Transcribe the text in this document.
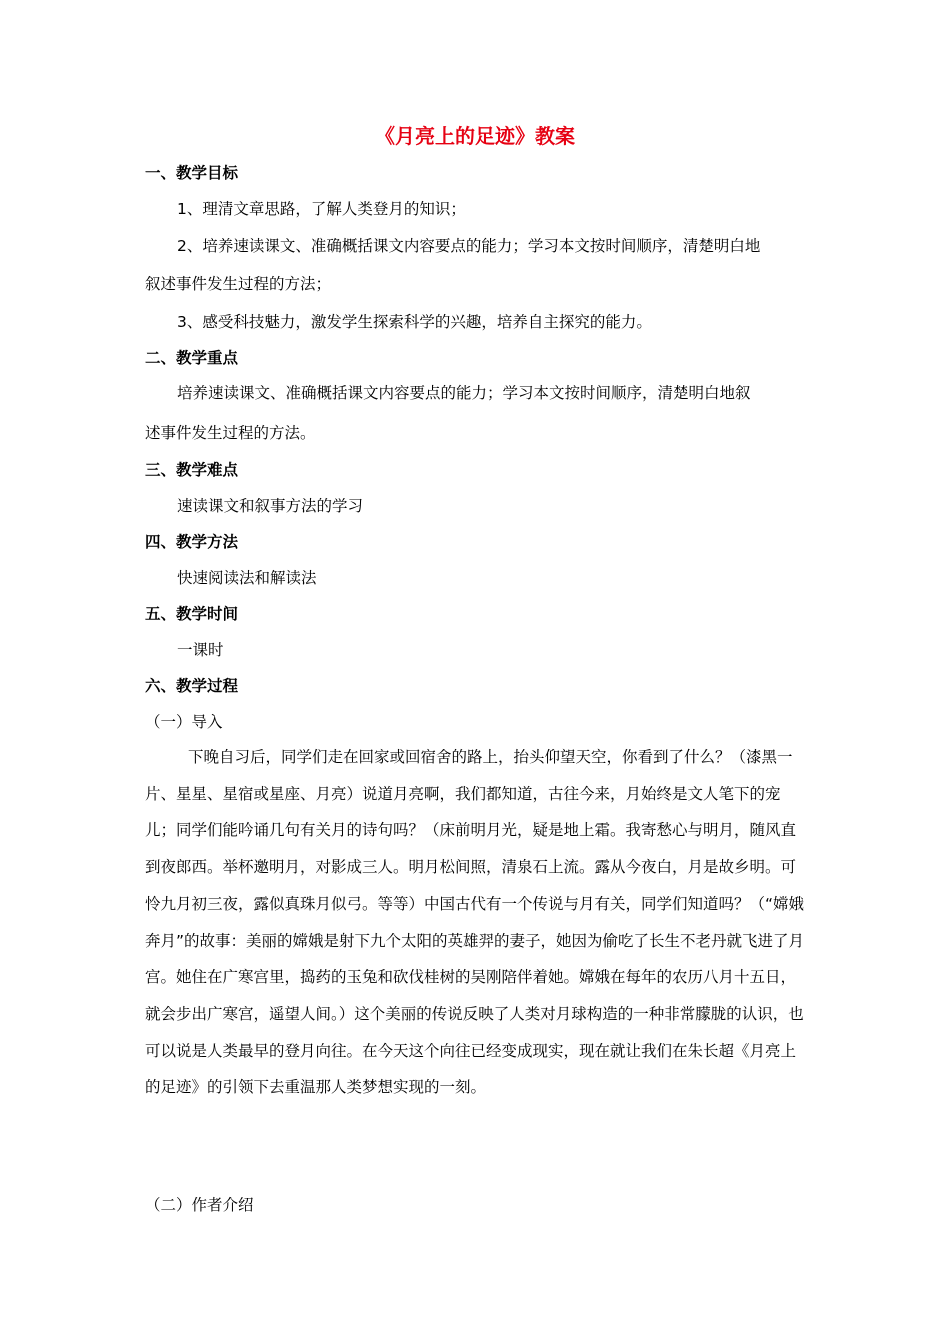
《月亮上的足迹》教案
一、教学目标
1、理清文章思路，了解人类登月的知识；
2、培养速读课文、准确概括课文内容要点的能力；学习本文按时间顺序，清楚明白地
叙述事件发生过程的方法；
3、感受科技魅力，激发学生探索科学的兴趣，培养自主探究的能力。
二、教学重点
培养速读课文、准确概括课文内容要点的能力；学习本文按时间顺序，清楚明白地叙
述事件发生过程的方法。
三、教学难点
速读课文和叙事方法的学习
四、教学方法
快速阅读法和解读法
五、教学时间
一课时
六、教学过程
（一）导入
下晚自习后，同学们走在回家或回宿舍的路上，抬头仰望天空，你看到了什么？（漆黑一片、星星、星宿或星座、月亮）说道月亮啊，我们都知道，古往今来，月始终是文人笔下的宠儿；同学们能吟诵几句有关月的诗句吗？（床前明月光，疑是地上霜。我寄愁心与明月，随风直到夜郎西。举杯邀明月，对影成三人。明月松间照，清泉石上流。露从今夜白，月是故乡明。可怜九月初三夜，露似真珠月似弓。等等）中国古代有一个传说与月有关，同学们知道吗？（“嫦娥奔月”的故事：美丽的嫦娥是射下九个太阳的英雄羿的妻子，她因为偷吃了长生不老丹就飞进了月宫。她住在广寒宫里，捣药的玉兔和砍伐桂树的吴刚陪伴着她。嫦娥在每年的农历八月十五日，就会步出广寒宫，遥望人间。）这个美丽的传说反映了人类对月球构造的一种非常朦胧的认识，也可以说是人类最早的登月向往。在今天这个向往已经变成现实，现在就让我们在朱长超《月亮上的足迹》的引领下去重温那人类梦想实现的一刻。
（二）作者介绍
